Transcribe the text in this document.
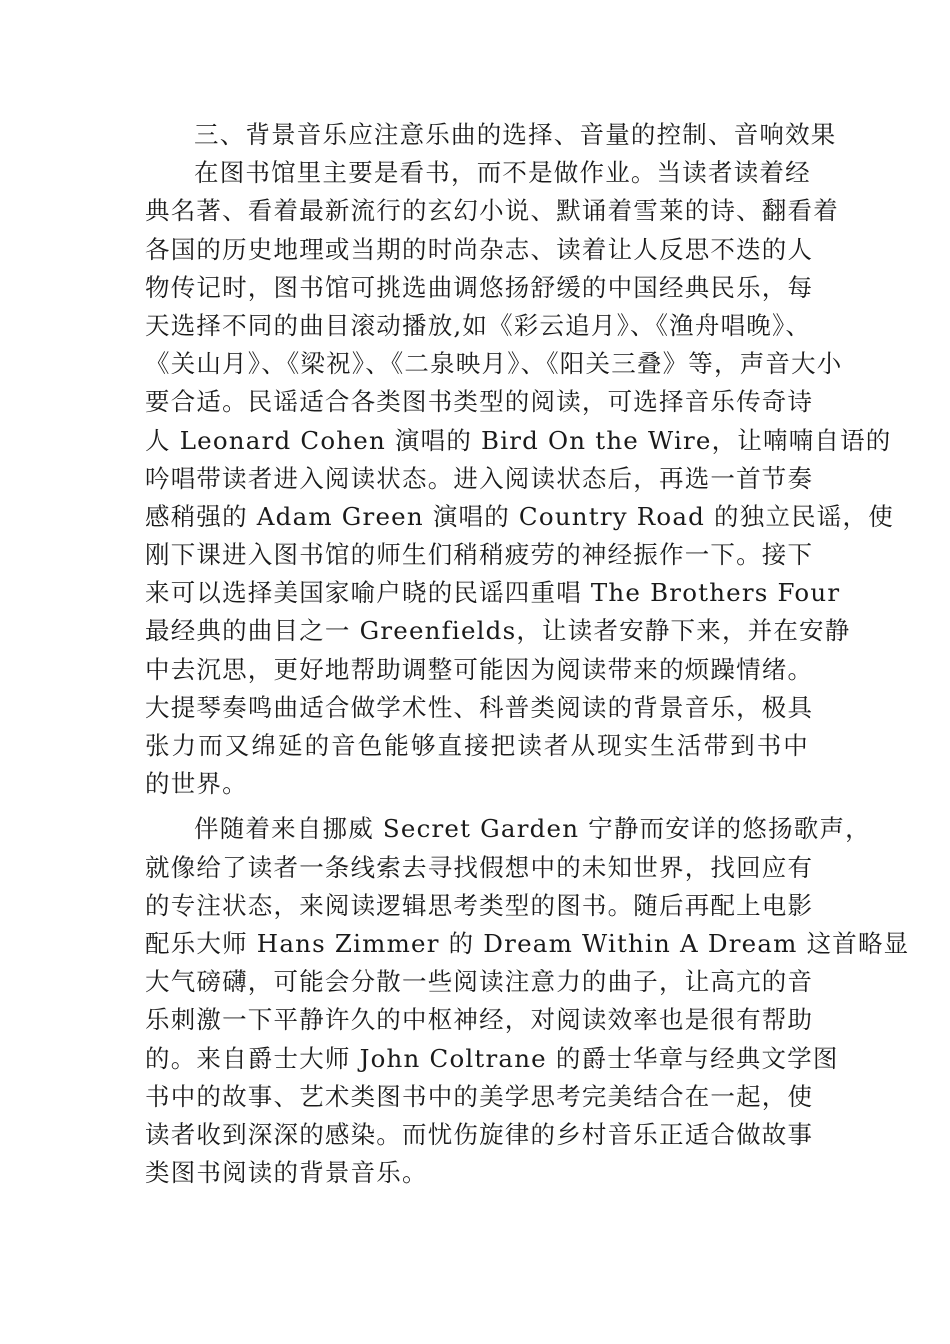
三、背景音乐应注意乐曲的选择、音量的控制、音响效果
在图书馆里主要是看书，而不是做作业。当读者读着经
典名著、看着最新流行的玄幻小说、默诵着雪莱的诗、翻看着
各国的历史地理或当期的时尚杂志、读着让人反思不迭的人
物传记时，图书馆可挑选曲调悠扬舒缓的中国经典民乐，每
天选择不同的曲目滚动播放,如《彩云追月》、《渔舟唱晚》、
《关山月》、《梁祝》、《二泉映月》、《阳关三叠》等，声音大小
要合适。民谣适合各类图书类型的阅读，可选择音乐传奇诗
人 Leonard Cohen 演唱的 Bird On the Wire，让喃喃自语的
吟唱带读者进入阅读状态。进入阅读状态后，再选一首节奏
感稍强的 Adam Green 演唱的 Country Road 的独立民谣，使
刚下课进入图书馆的师生们稍稍疲劳的神经振作一下。接下
来可以选择美国家喻户晓的民谣四重唱 The Brothers Four
最经典的曲目之一 Greenfields，让读者安静下来，并在安静
中去沉思，更好地帮助调整可能因为阅读带来的烦躁情绪。
大提琴奏鸣曲适合做学术性、科普类阅读的背景音乐，极具
张力而又绵延的音色能够直接把读者从现实生活带到书中
的世界。
伴随着来自挪威 Secret Garden 宁静而安详的悠扬歌声，
就像给了读者一条线索去寻找假想中的未知世界，找回应有
的专注状态，来阅读逻辑思考类型的图书。随后再配上电影
配乐大师 Hans Zimmer 的 Dream Within A Dream 这首略显
大气磅礴，可能会分散一些阅读注意力的曲子，让高亢的音
乐刺激一下平静许久的中枢神经，对阅读效率也是很有帮助
的。来自爵士大师 John Coltrane 的爵士华章与经典文学图
书中的故事、艺术类图书中的美学思考完美结合在一起，使
读者收到深深的感染。而忧伤旋律的乡村音乐正适合做故事
类图书阅读的背景音乐。
